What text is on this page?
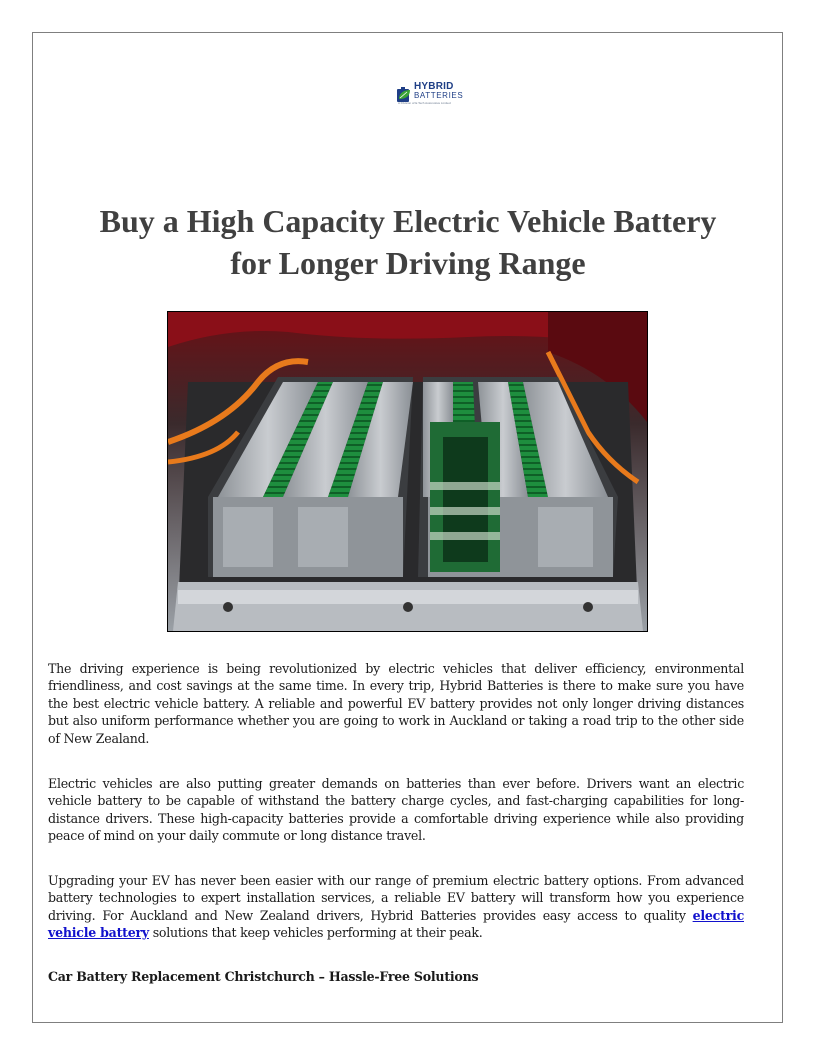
HYBRID
BATTERIES
A Division of E Tech Automotive Limited
Buy a High Capacity Electric Vehicle Battery
for Longer Driving Range

The driving experience is being revolutionized by electric vehicles that deliver efficiency, environmental friendliness, and cost savings at the same time. In every trip, Hybrid Batteries is there to make sure you have the best electric vehicle battery. A reliable and powerful EV battery provides not only longer driving distances but also uniform performance whether you are going to work in Auckland or taking a road trip to the other side of New Zealand.

Electric vehicles are also putting greater demands on batteries than ever before. Drivers want an electric vehicle battery to be capable of withstand the battery charge cycles, and fast-charging capabilities for long-distance drivers. These high-capacity batteries provide a comfortable driving experience while also providing peace of mind on your daily commute or long distance travel.

Upgrading your EV has never been easier with our range of premium electric battery options. From advanced battery technologies to expert installation services, a reliable EV battery will transform how you experience driving. For Auckland and New Zealand drivers, Hybrid Batteries provides easy access to quality electric vehicle battery solutions that keep vehicles performing at their peak.

Car Battery Replacement Christchurch – Hassle-Free Solutions
